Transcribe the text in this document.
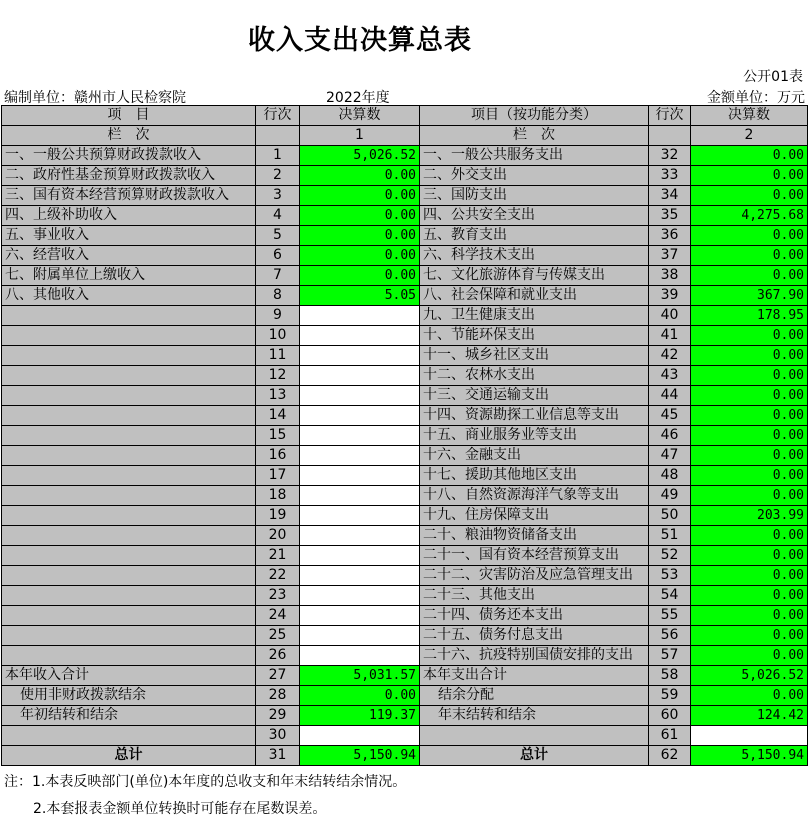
收入支出决算总表
公开01表
编制单位：赣州市人民检察院	2022年度	金额单位：万元
项　目	行次	决算数	项目（按功能分类）	行次	决算数
栏　次		1	栏　次		2
一、一般公共预算财政拨款收入	1	5,026.52	一、一般公共服务支出	32	0.00
二、政府性基金预算财政拨款收入	2	0.00	二、外交支出	33	0.00
三、国有资本经营预算财政拨款收入	3	0.00	三、国防支出	34	0.00
四、上级补助收入	4	0.00	四、公共安全支出	35	4,275.68
五、事业收入	5	0.00	五、教育支出	36	0.00
六、经营收入	6	0.00	六、科学技术支出	37	0.00
七、附属单位上缴收入	7	0.00	七、文化旅游体育与传媒支出	38	0.00
八、其他收入	8	5.05	八、社会保障和就业支出	39	367.90
	9		九、卫生健康支出	40	178.95
	10		十、节能环保支出	41	0.00
	11		十一、城乡社区支出	42	0.00
	12		十二、农林水支出	43	0.00
	13		十三、交通运输支出	44	0.00
	14		十四、资源勘探工业信息等支出	45	0.00
	15		十五、商业服务业等支出	46	0.00
	16		十六、金融支出	47	0.00
	17		十七、援助其他地区支出	48	0.00
	18		十八、自然资源海洋气象等支出	49	0.00
	19		十九、住房保障支出	50	203.99
	20		二十、粮油物资储备支出	51	0.00
	21		二十一、国有资本经营预算支出	52	0.00
	22		二十二、灾害防治及应急管理支出	53	0.00
	23		二十三、其他支出	54	0.00
	24		二十四、债务还本支出	55	0.00
	25		二十五、债务付息支出	56	0.00
	26		二十六、抗疫特别国债安排的支出	57	0.00
本年收入合计	27	5,031.57	本年支出合计	58	5,026.52
使用非财政拨款结余	28	0.00	结余分配	59	0.00
年初结转和结余	29	119.37	年末结转和结余	60	124.42
	30			61	
总计	31	5,150.94	总计	62	5,150.94
注：1.本表反映部门(单位)本年度的总收支和年末结转结余情况。
2.本套报表金额单位转换时可能存在尾数误差。
